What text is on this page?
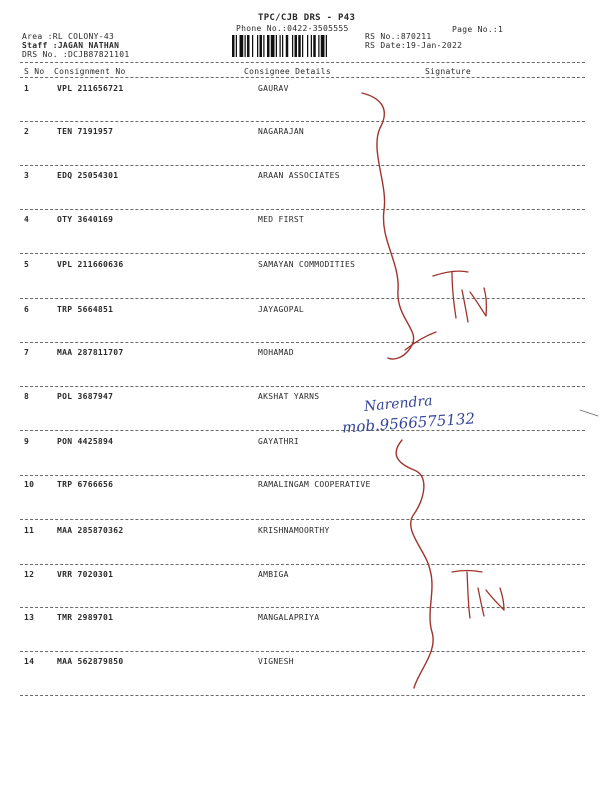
TPC/CJB DRS - P43
Phone No.:0422-3505555	Page No.:1
Area :RL COLONY-43
Staff :JAGAN NATHAN
DRS No. :DCJB87821101
RS No.:870211
RS Date:19-Jan-2022
S No Consignment No	Consignee Details	Signature
1	VPL 211656721	GAURAV
2	TEN 7191957	NAGARAJAN
3	EDQ 25054301	ARAAN ASSOCIATES
4	OTY 3640169	MED FIRST
5	VPL 211660636	SAMAYAN COMMODITIES
6	TRP 5664851	JAYAGOPAL
7	MAA 287811707	MOHAMAD
8	POL 3687947	AKSHAT YARNS
9	PON 4425894	GAYATHRI
10	TRP 6766656	RAMALINGAM COOPERATIVE
11	MAA 285870362	KRISHNAMOORTHY
12	VRR 7020301	AMBIGA
13	TMR 2989701	MANGALAPRIYA
14	MAA 562879850	VIGNESH
Narendra
mob.9566575132
